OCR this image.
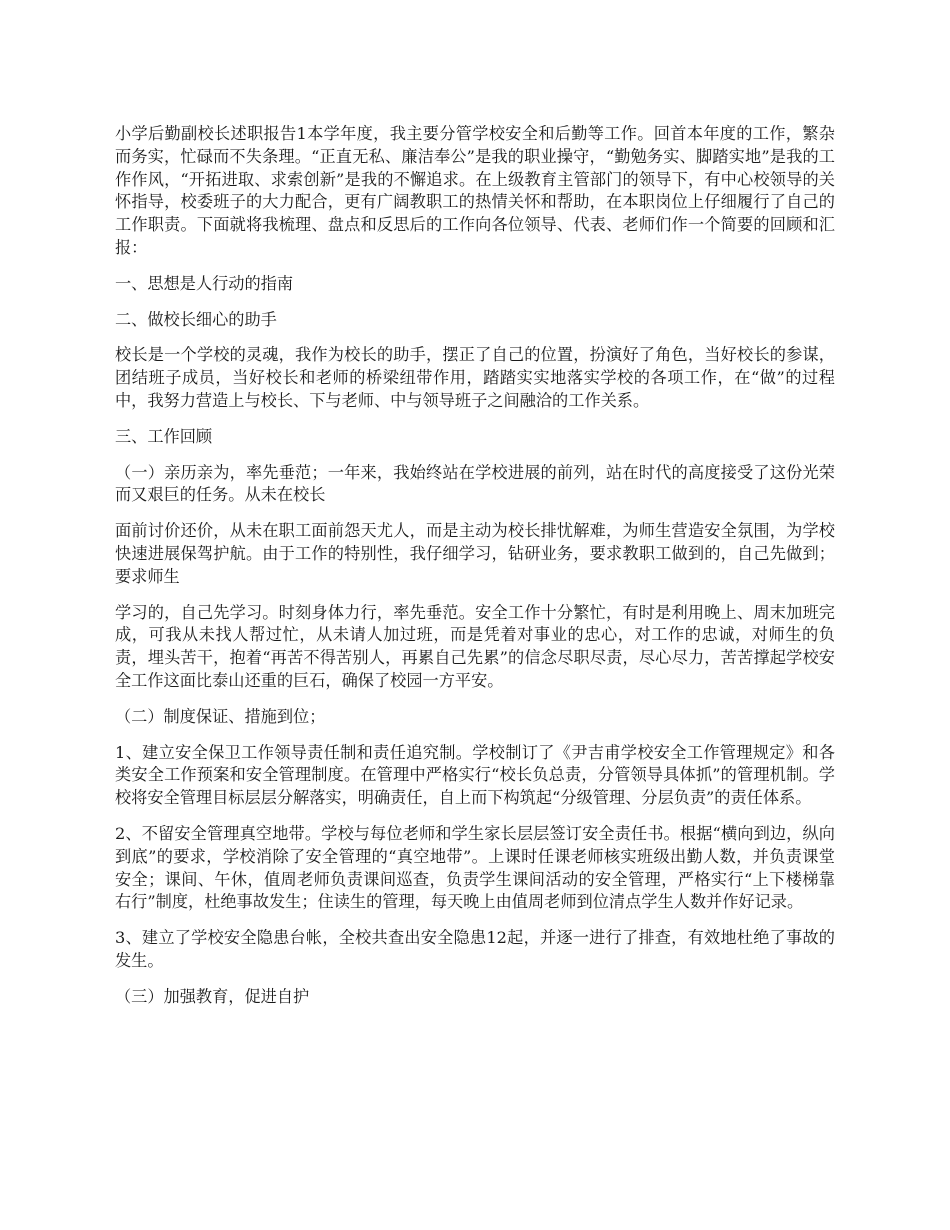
小学后勤副校长述职报告1本学年度，我主要分管学校安全和后勤等工作。回首本年度的工作，繁杂而务实，忙碌而不失条理。“正直无私、廉洁奉公”是我的职业操守，“勤勉务实、脚踏实地”是我的工作作风，“开拓进取、求索创新”是我的不懈追求。在上级教育主管部门的领导下，有中心校领导的关怀指导，校委班子的大力配合，更有广阔教职工的热情关怀和帮助，在本职岗位上仔细履行了自己的工作职责。下面就将我梳理、盘点和反思后的工作向各位领导、代表、老师们作一个简要的回顾和汇报：

一、思想是人行动的指南

二、做校长细心的助手

校长是一个学校的灵魂，我作为校长的助手，摆正了自己的位置，扮演好了角色，当好校长的参谋，团结班子成员，当好校长和老师的桥梁纽带作用，踏踏实实地落实学校的各项工作，在“做”的过程中，我努力营造上与校长、下与老师、中与领导班子之间融洽的工作关系。

三、工作回顾

（一）亲历亲为，率先垂范；一年来，我始终站在学校进展的前列，站在时代的高度接受了这份光荣而又艰巨的任务。从未在校长

面前讨价还价，从未在职工面前怨天尤人，而是主动为校长排忧解难，为师生营造安全氛围，为学校快速进展保驾护航。由于工作的特别性，我仔细学习，钻研业务，要求教职工做到的，自己先做到；要求师生

学习的，自己先学习。时刻身体力行，率先垂范。安全工作十分繁忙，有时是利用晚上、周末加班完成，可我从未找人帮过忙，从未请人加过班，而是凭着对事业的忠心，对工作的忠诚，对师生的负责，埋头苦干，抱着“再苦不得苦别人，再累自己先累”的信念尽职尽责，尽心尽力，苦苦撑起学校安全工作这面比泰山还重的巨石，确保了校园一方平安。

（二）制度保证、措施到位；

1、建立安全保卫工作领导责任制和责任追究制。学校制订了《尹吉甫学校安全工作管理规定》和各类安全工作预案和安全管理制度。在管理中严格实行“校长负总责，分管领导具体抓”的管理机制。学校将安全管理目标层层分解落实，明确责任，自上而下构筑起“分级管理、分层负责”的责任体系。

2、不留安全管理真空地带。学校与每位老师和学生家长层层签订安全责任书。根据“横向到边，纵向到底”的要求，学校消除了安全管理的“真空地带”。上课时任课老师核实班级出勤人数，并负责课堂安全；课间、午休，值周老师负责课间巡查，负责学生课间活动的安全管理，严格实行“上下楼梯靠右行”制度，杜绝事故发生；住读生的管理，每天晚上由值周老师到位清点学生人数并作好记录。

3、建立了学校安全隐患台帐，全校共查出安全隐患12起，并逐一进行了排查，有效地杜绝了事故的发生。

（三）加强教育，促进自护
